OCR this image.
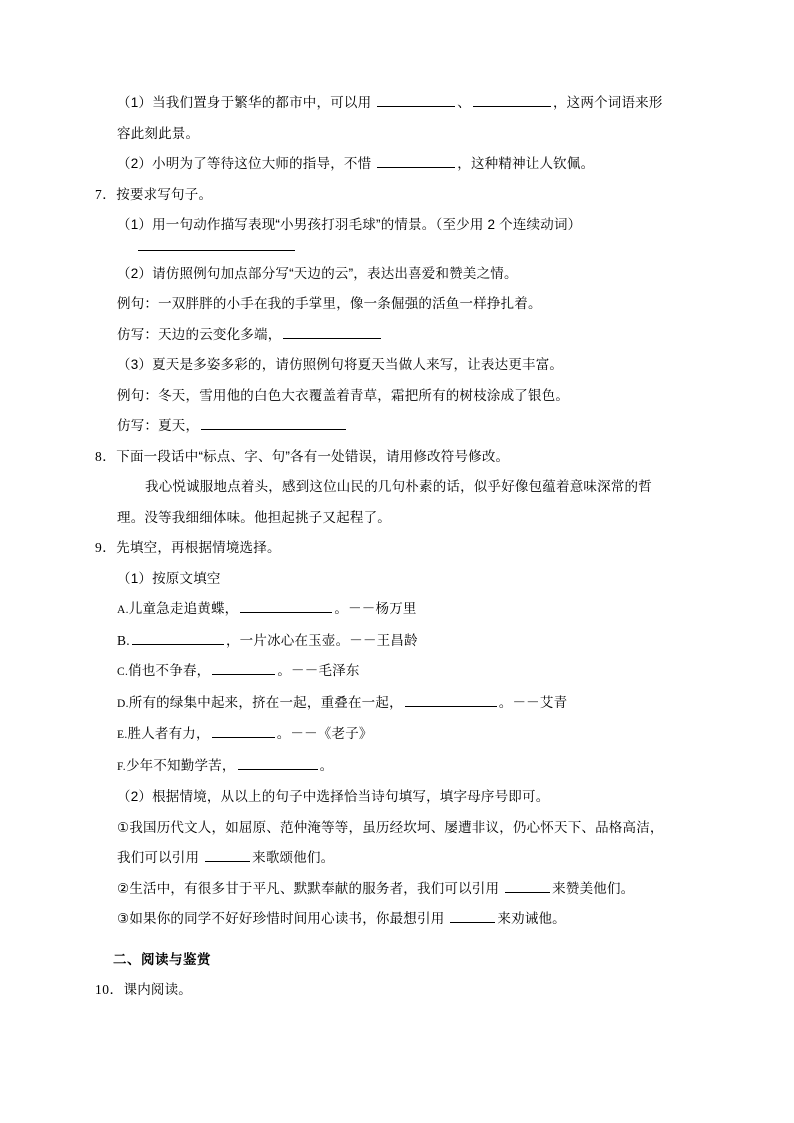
（1）当我们置身于繁华的都市中，可以用	、	，这两个词语来形容此刻此景。
（2）小明为了等待这位大师的指导，不惜	，这种精神让人钦佩。
7．按要求写句子。
（1）用一句动作描写表现“小男孩打羽毛球”的情景。（至少用 2 个连续动词）
（2）请仿照例句加点部分写“天边的云”，表达出喜爱和赞美之情。
例句：一双胖胖的小手在我的手掌里，像一条倔强的活鱼一样挣扎着。
仿写：天边的云变化多端，
（3）夏天是多姿多彩的，请仿照例句将夏天当做人来写，让表达更丰富。
例句：冬天，雪用他的白色大衣覆盖着青草，霜把所有的树枝涂成了银色。
仿写：夏天，
8．下面一段话中“标点、字、句”各有一处错误，请用修改符号修改。
我心悦诚服地点着头，感到这位山民的几句朴素的话，似乎好像包蕴着意味深常的哲理。没等我细细体味。他担起挑子又起程了。
9．先填空，再根据情境选择。
（1）按原文填空
A.儿童急走追黄蝶，	。－－杨万里
B.	，一片冰心在玉壶。－－王昌龄
C.俏也不争春，	。－－毛泽东
D.所有的绿集中起来，挤在一起，重叠在一起，	。－－艾青
E.胜人者有力，	。－－《老子》
F.少年不知勤学苦，	。
（2）根据情境，从以上的句子中选择恰当诗句填写，填字母序号即可。
①我国历代文人，如屈原、范仲淹等等，虽历经坎坷、屡遭非议，仍心怀天下、品格高洁，我们可以引用	来歌颂他们。
②生活中，有很多甘于平凡、默默奉献的服务者，我们可以引用	来赞美他们。
③如果你的同学不好好珍惜时间用心读书，你最想引用	来劝诫他。
二、阅读与鉴赏
10．课内阅读。
